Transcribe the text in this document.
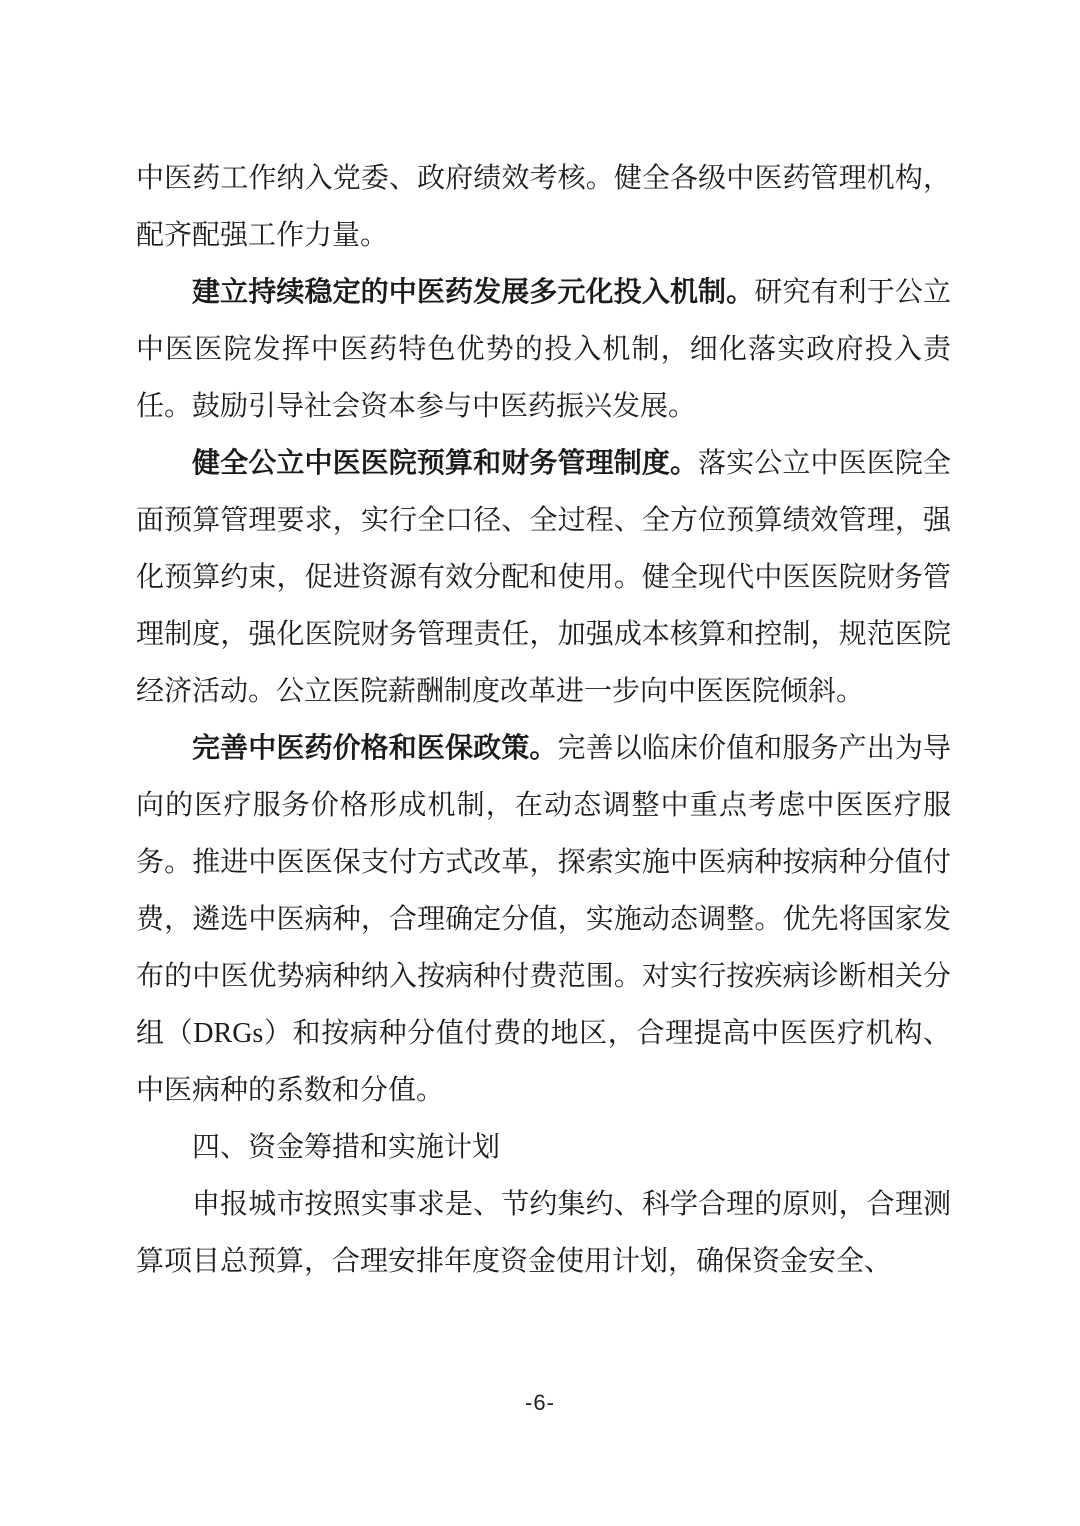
中医药工作纳入党委、政府绩效考核。健全各级中医药管理机构，配齐配强工作力量。

建立持续稳定的中医药发展多元化投入机制。研究有利于公立中医医院发挥中医药特色优势的投入机制，细化落实政府投入责任。鼓励引导社会资本参与中医药振兴发展。

健全公立中医医院预算和财务管理制度。落实公立中医医院全面预算管理要求，实行全口径、全过程、全方位预算绩效管理，强化预算约束，促进资源有效分配和使用。健全现代中医医院财务管理制度，强化医院财务管理责任，加强成本核算和控制，规范医院经济活动。公立医院薪酬制度改革进一步向中医医院倾斜。

完善中医药价格和医保政策。完善以临床价值和服务产出为导向的医疗服务价格形成机制，在动态调整中重点考虑中医医疗服务。推进中医医保支付方式改革，探索实施中医病种按病种分值付费，遴选中医病种，合理确定分值，实施动态调整。优先将国家发布的中医优势病种纳入按病种付费范围。对实行按疾病诊断相关分组（DRGs）和按病种分值付费的地区，合理提高中医医疗机构、中医病种的系数和分值。

四、资金筹措和实施计划

申报城市按照实事求是、节约集约、科学合理的原则，合理测算项目总预算，合理安排年度资金使用计划，确保资金安全、

-6-
